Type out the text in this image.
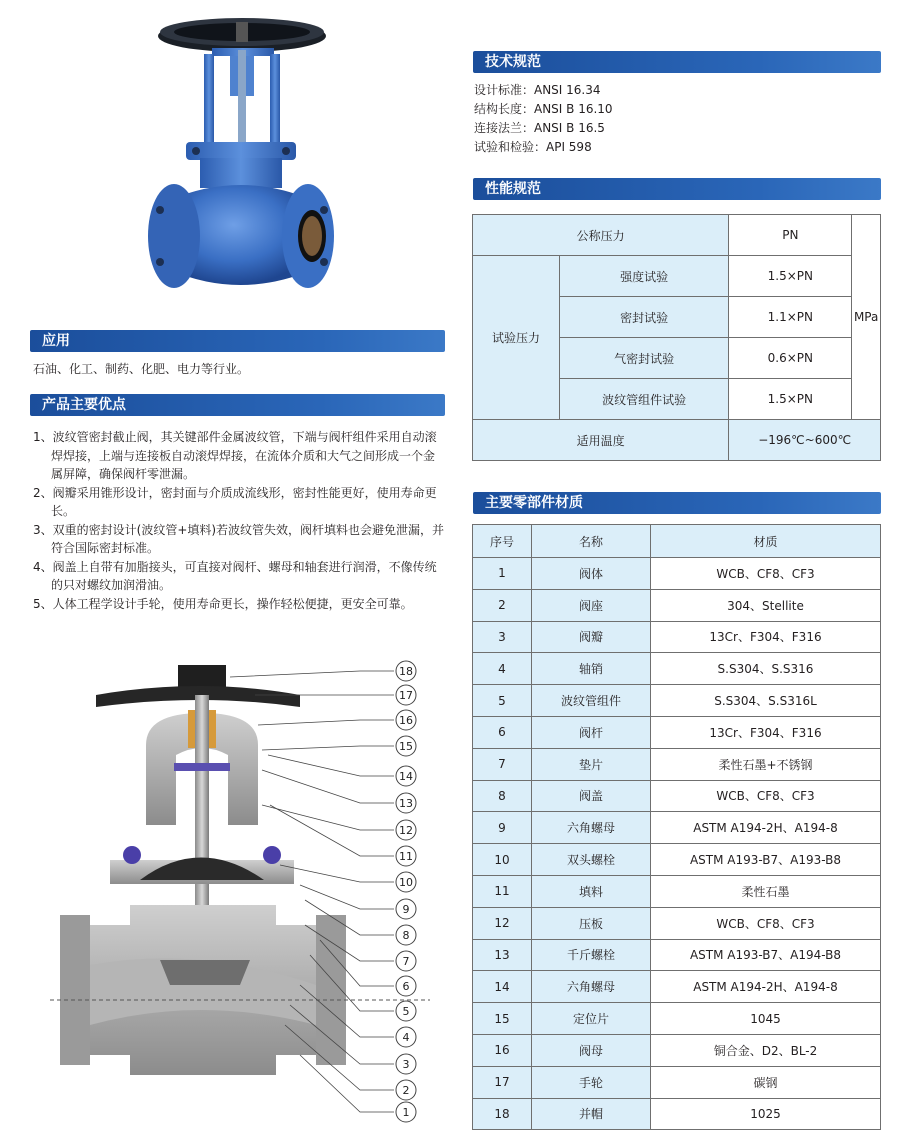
应用
石油、化工、制药、化肥、电力等行业。
产品主要优点
1、波纹管密封截止阀，其关键部件金属波纹管，下端与阀杆组件采用自动滚焊焊接，上端与连接板自动滚焊焊接，在流体介质和大气之间形成一个金属屏障，确保阀杆零泄漏。
2、阀瓣采用锥形设计，密封面与介质成流线形，密封性能更好，使用寿命更长。
3、双重的密封设计(波纹管+填料)若波纹管失效，阀杆填料也会避免泄漏，并符合国际密封标准。
4、阀盖上自带有加脂接头，可直接对阀杆、螺母和轴套进行润滑，不像传统的只对螺纹加润滑油。
5、人体工程学设计手轮，使用寿命更长，操作轻松便捷，更安全可靠。
18
17
16
15
14
13
12
11
10
9
8
7
6
5
4
3
2
1
技术规范
设计标准：ANSI 16.34
结构长度：ANSI B 16.10
连接法兰：ANSI B 16.5
试验和检验：API 598
性能规范
公称压力		PN	MPa
试验压力	强度试验	1.5×PN	
	密封试验	1.1×PN	
	气密封试验	0.6×PN	
	波纹管组件试验	1.5×PN	
适用温度		−196℃~600℃	
主要零部件材质
序号	名称	材质
1	阀体	WCB、CF8、CF3
2	阀座	304、Stellite
3	阀瓣	13Cr、F304、F316
4	轴销	S.S304、S.S316
5	波纹管组件	S.S304、S.S316L
6	阀杆	13Cr、F304、F316
7	垫片	柔性石墨+不锈钢
8	阀盖	WCB、CF8、CF3
9	六角螺母	ASTM A194-2H、A194-8
10	双头螺栓	ASTM A193-B7、A193-B8
11	填料	柔性石墨
12	压板	WCB、CF8、CF3
13	千斤螺栓	ASTM A193-B7、A194-B8
14	六角螺母	ASTM A194-2H、A194-8
15	定位片	1045
16	阀母	铜合金、D2、BL-2
17	手轮	碳钢
18	并帽	1025
